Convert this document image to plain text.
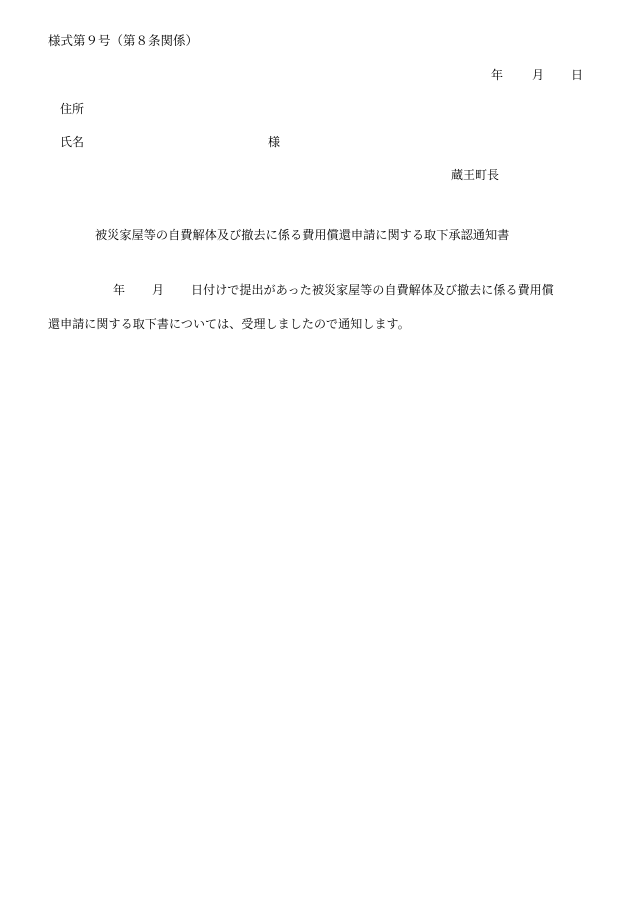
様式第９号（第８条関係）
年 月 日
住所
氏名	様
蔵王町長
被災家屋等の自費解体及び撤去に係る費用償還申請に関する取下承認通知書
年 月 日付けで提出があった被災家屋等の自費解体及び撤去に係る費用償
還申請に関する取下書については、受理しましたので通知します。
